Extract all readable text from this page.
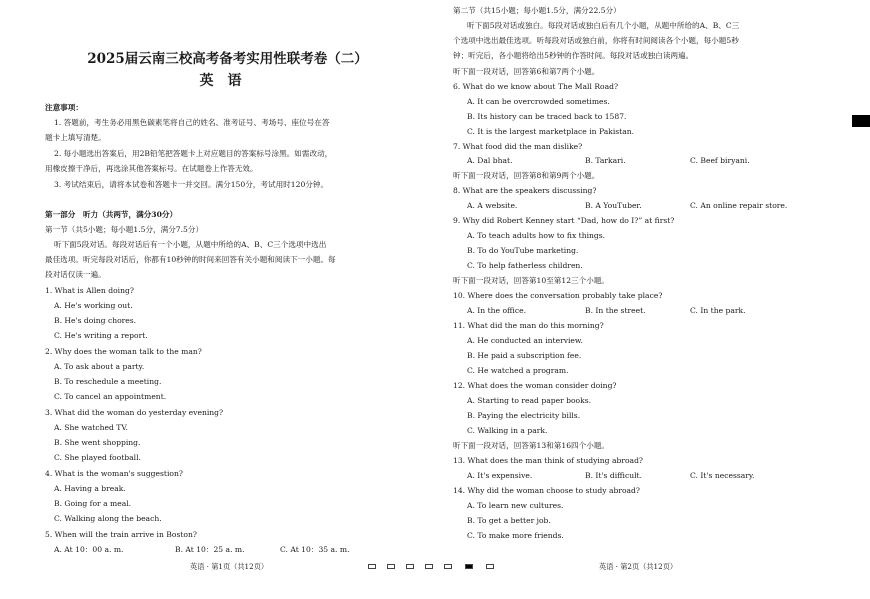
2025届云南三校高考备考实用性联考卷（二）
英语
注意事项：
1. 答题前，考生务必用黑色碳素笔将自己的姓名、准考证号、考场号、座位号在答
题卡上填写清楚。
2. 每小题选出答案后，用2B铅笔把答题卡上对应题目的答案标号涂黑。如需改动，
用橡皮擦干净后，再选涂其他答案标号。在试题卷上作答无效。
3. 考试结束后，请将本试卷和答题卡一并交回。满分150分，考试用时120分钟。
第一部分　听力（共两节，满分30分）
第一节（共5小题；每小题1.5分，满分7.5分）
听下面5段对话。每段对话后有一个小题，从题中所给的A、B、C三个选项中选出
最佳选项。听完每段对话后，你都有10秒钟的时间来回答有关小题和阅读下一小题。每
段对话仅读一遍。
1. What is Allen doing?
A. He's working out.
B. He's doing chores.
C. He's writing a report.
2. Why does the woman talk to the man?
A. To ask about a party.
B. To reschedule a meeting.
C. To cancel an appointment.
3. What did the woman do yesterday evening?
A. She watched TV.
B. She went shopping.
C. She played football.
4. What is the woman's suggestion?
A. Having a break.
B. Going for a meal.
C. Walking along the beach.
5. When will the train arrive in Boston?
A. At 10：00 a. m.	B. At 10：25 a. m.	C. At 10：35 a. m.
英语 · 第1页（共12页）
第二节（共15小题；每小题1.5分，满分22.5分）
听下面5段对话或独白。每段对话或独白后有几个小题，从题中所给的A、B、C三
个选项中选出最佳选项。听每段对话或独白前，你将有时间阅读各个小题，每小题5秒
钟；听完后，各小题将给出5秒钟的作答时间。每段对话或独白读两遍。
听下面一段对话，回答第6和第7两个小题。
6. What do we know about The Mall Road?
A. It can be overcrowded sometimes.
B. Its history can be traced back to 1587.
C. It is the largest marketplace in Pakistan.
7. What food did the man dislike?
A. Dal bhat.	B. Tarkari.	C. Beef biryani.
听下面一段对话，回答第8和第9两个小题。
8. What are the speakers discussing?
A. A website.	B. A YouTuber.	C. An online repair store.
9. Why did Robert Kenney start “Dad, how do I?” at first?
A. To teach adults how to fix things.
B. To do YouTube marketing.
C. To help fatherless children.
听下面一段对话，回答第10至第12三个小题。
10. Where does the conversation probably take place?
A. In the office.	B. In the street.	C. In the park.
11. What did the man do this morning?
A. He conducted an interview.
B. He paid a subscription fee.
C. He watched a program.
12. What does the woman consider doing?
A. Starting to read paper books.
B. Paying the electricity bills.
C. Walking in a park.
听下面一段对话，回答第13和第16四个小题。
13. What does the man think of studying abroad?
A. It's expensive.	B. It's difficult.	C. It's necessary.
14. Why did the woman choose to study abroad?
A. To learn new cultures.
B. To get a better job.
C. To make more friends.
英语 · 第2页（共12页）
